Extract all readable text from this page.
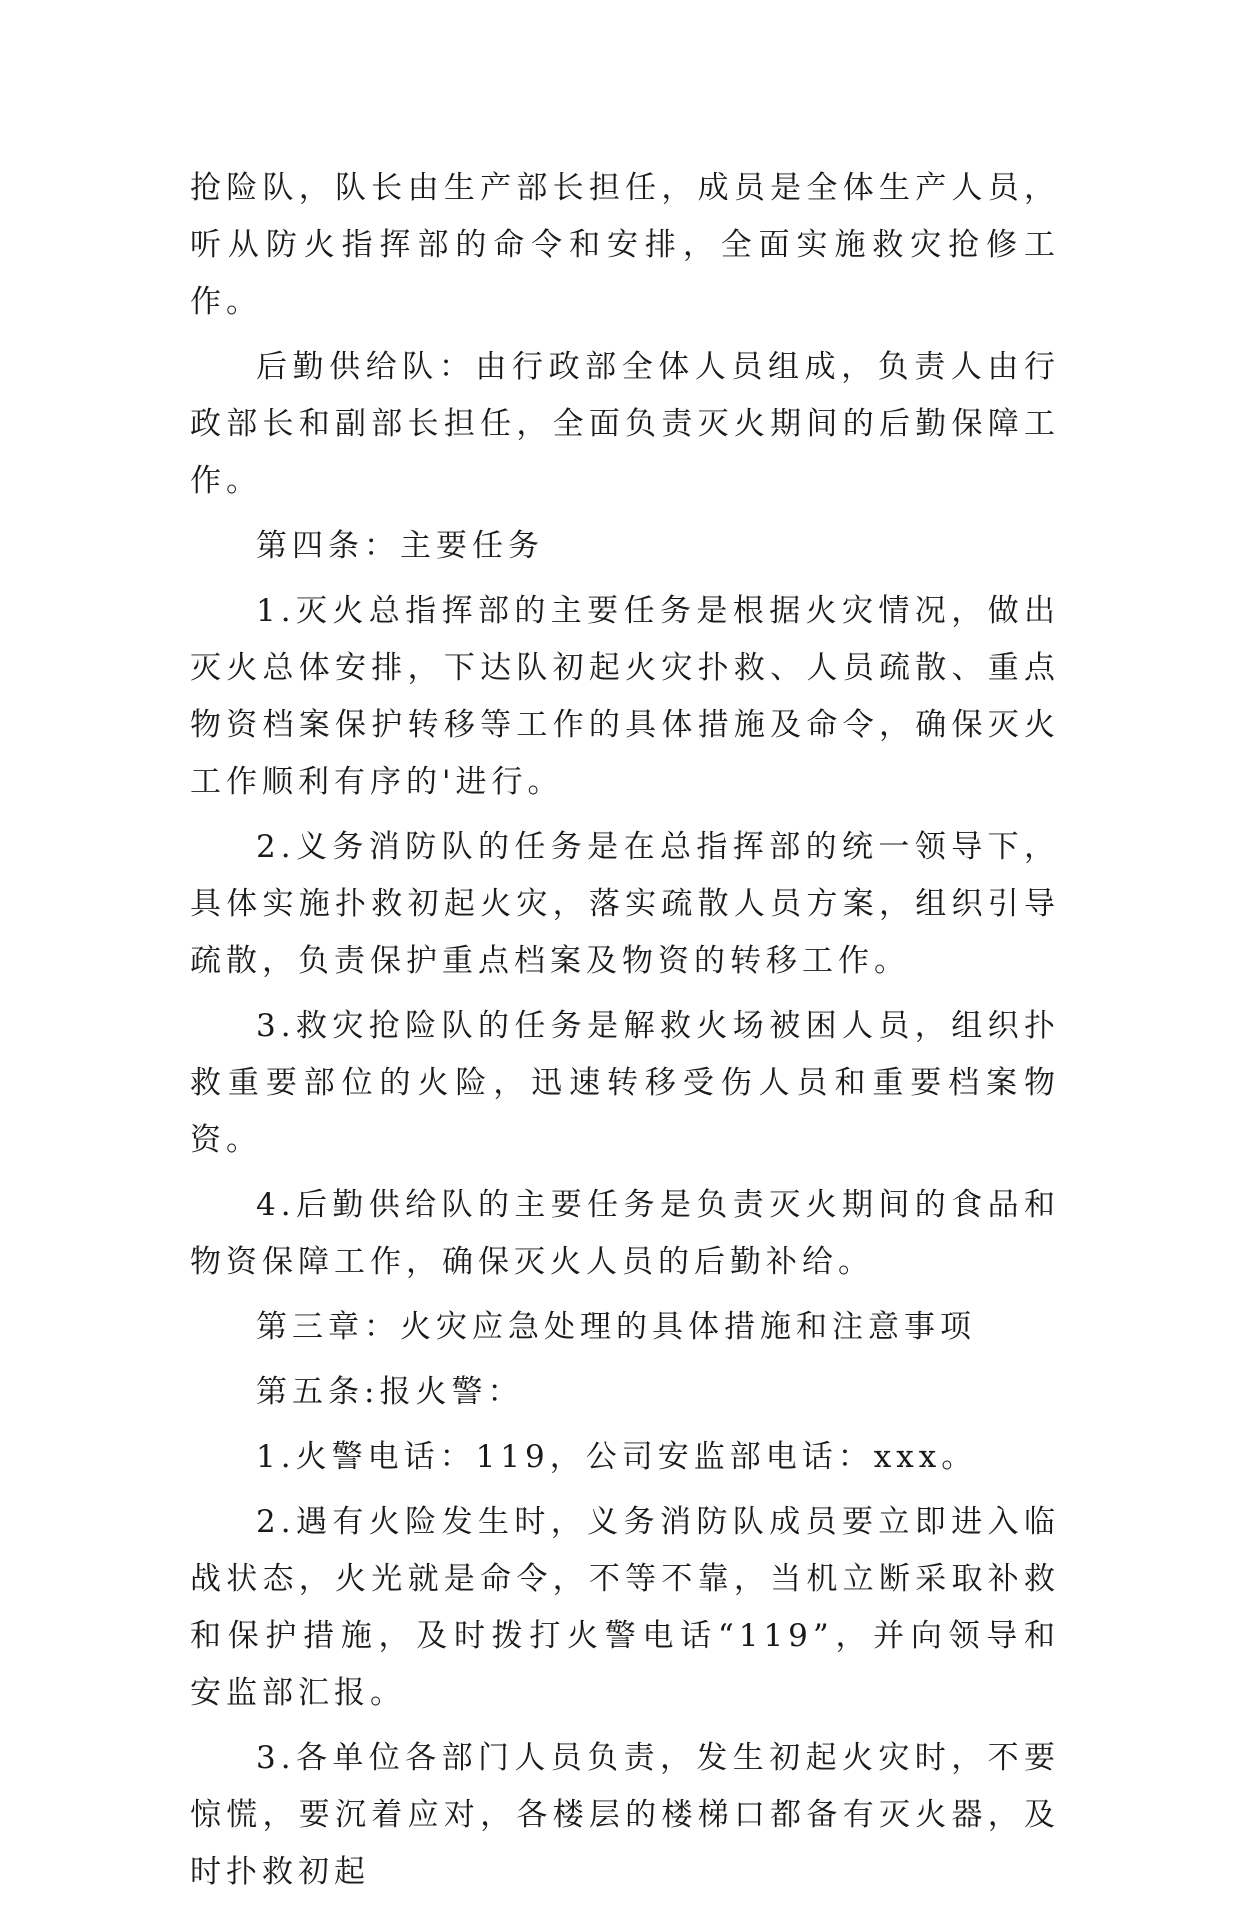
抢险队，队长由生产部长担任，成员是全体生产人员，听从防火指挥部的命令和安排，全面实施救灾抢修工作。

后勤供给队：由行政部全体人员组成，负责人由行政部长和副部长担任，全面负责灭火期间的后勤保障工作。

第四条：主要任务

1.灭火总指挥部的主要任务是根据火灾情况，做出灭火总体安排，下达队初起火灾扑救、人员疏散、重点物资档案保护转移等工作的具体措施及命令，确保灭火工作顺利有序的'进行。

2.义务消防队的任务是在总指挥部的统一领导下，具体实施扑救初起火灾，落实疏散人员方案，组织引导疏散，负责保护重点档案及物资的转移工作。

3.救灾抢险队的任务是解救火场被困人员，组织扑救重要部位的火险，迅速转移受伤人员和重要档案物资。

4.后勤供给队的主要任务是负责灭火期间的食品和物资保障工作，确保灭火人员的后勤补给。

第三章：火灾应急处理的具体措施和注意事项

第五条:报火警：

1.火警电话：119，公司安监部电话：xxx。

2.遇有火险发生时，义务消防队成员要立即进入临战状态，火光就是命令，不等不靠，当机立断采取补救和保护措施，及时拨打火警电话“119”，并向领导和安监部汇报。

3.各单位各部门人员负责，发生初起火灾时，不要惊慌，要沉着应对，各楼层的楼梯口都备有灭火器，及时扑救初起
